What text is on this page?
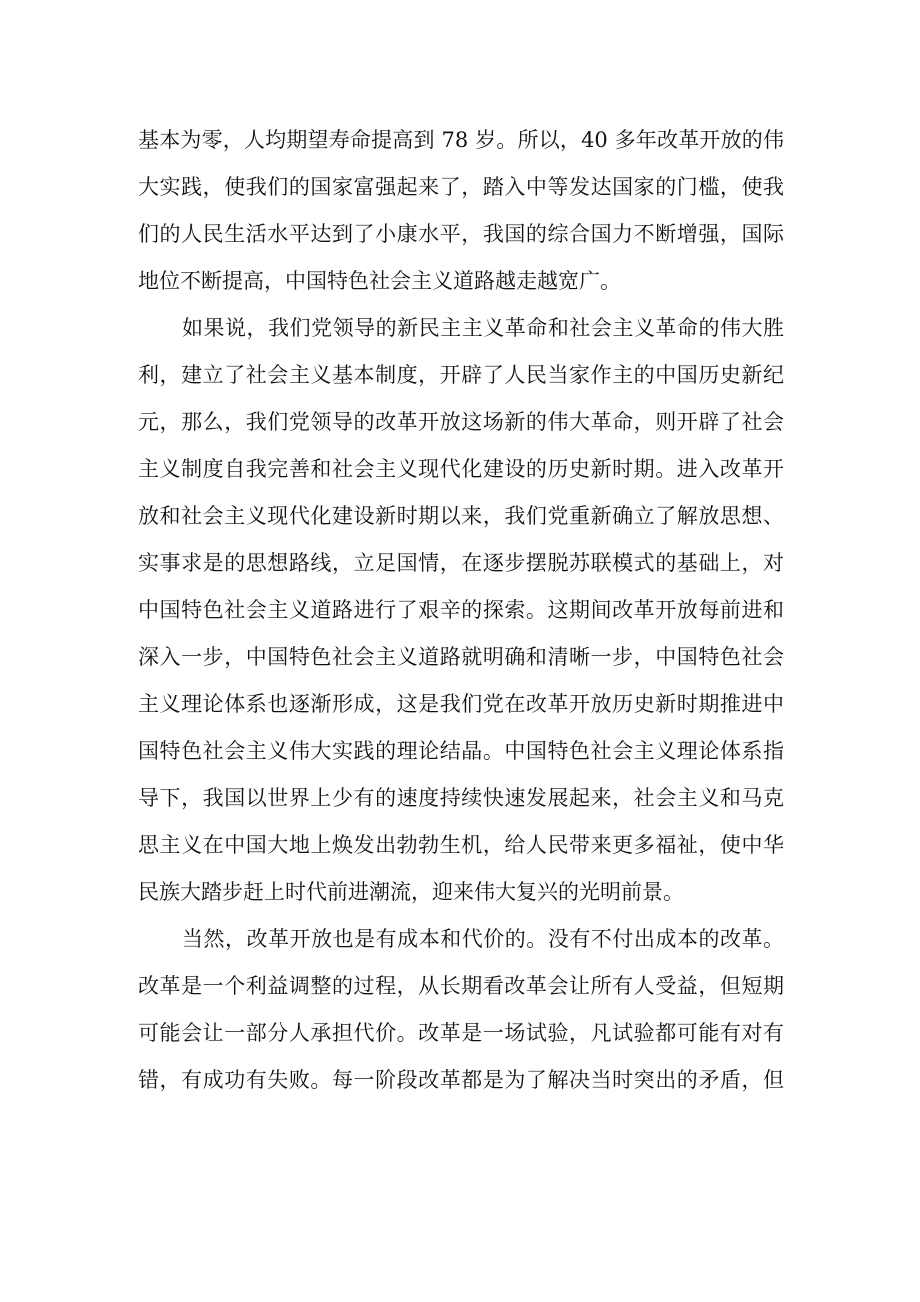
基本为零，人均期望寿命提高到 78 岁。所以，40 多年改革开放的伟
大实践，使我们的国家富强起来了，踏入中等发达国家的门槛，使我
们的人民生活水平达到了小康水平，我国的综合国力不断增强，国际
地位不断提高，中国特色社会主义道路越走越宽广。
如果说，我们党领导的新民主主义革命和社会主义革命的伟大胜
利，建立了社会主义基本制度，开辟了人民当家作主的中国历史新纪
元，那么，我们党领导的改革开放这场新的伟大革命，则开辟了社会
主义制度自我完善和社会主义现代化建设的历史新时期。进入改革开
放和社会主义现代化建设新时期以来，我们党重新确立了解放思想、
实事求是的思想路线，立足国情，在逐步摆脱苏联模式的基础上，对
中国特色社会主义道路进行了艰辛的探索。这期间改革开放每前进和
深入一步，中国特色社会主义道路就明确和清晰一步，中国特色社会
主义理论体系也逐渐形成，这是我们党在改革开放历史新时期推进中
国特色社会主义伟大实践的理论结晶。中国特色社会主义理论体系指
导下，我国以世界上少有的速度持续快速发展起来，社会主义和马克
思主义在中国大地上焕发出勃勃生机，给人民带来更多福祉，使中华
民族大踏步赶上时代前进潮流，迎来伟大复兴的光明前景。
当然，改革开放也是有成本和代价的。没有不付出成本的改革。
改革是一个利益调整的过程，从长期看改革会让所有人受益，但短期
可能会让一部分人承担代价。改革是一场试验，凡试验都可能有对有
错，有成功有失败。每一阶段改革都是为了解决当时突出的矛盾，但
